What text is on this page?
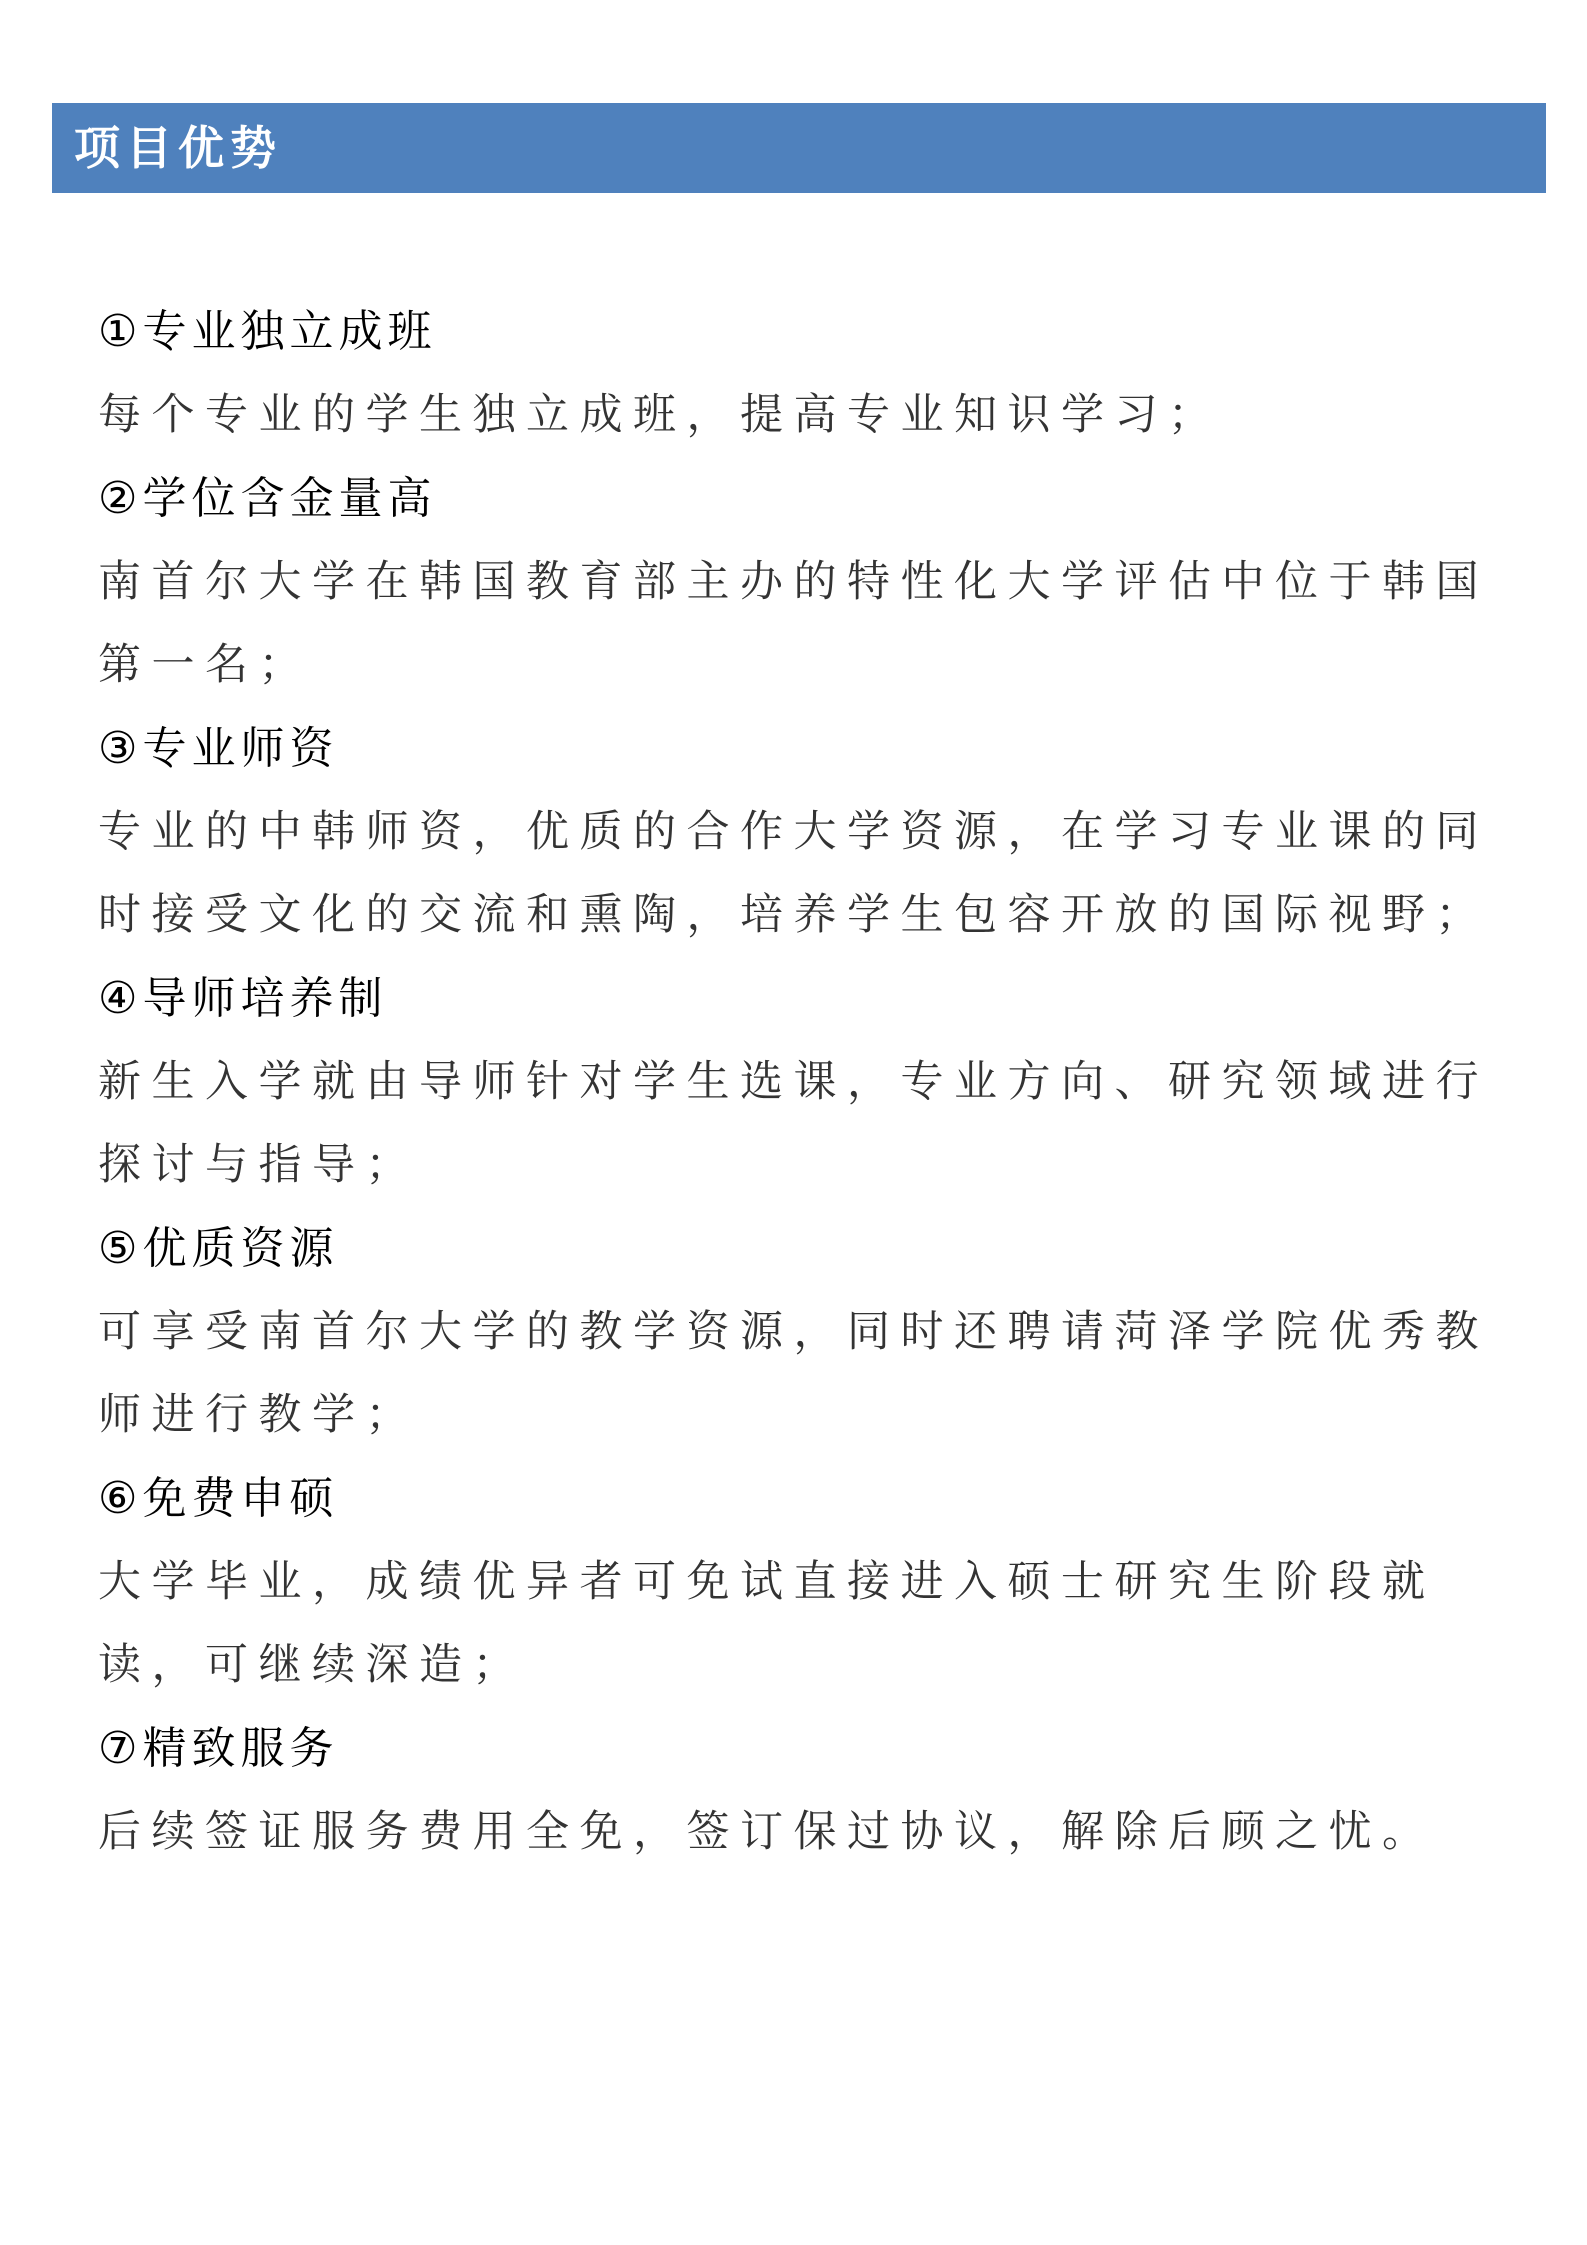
项目优势
①专业独立成班
每个专业的学生独立成班，提高专业知识学习；
②学位含金量高
南首尔大学在韩国教育部主办的特性化大学评估中位于韩国第一名；
③专业师资
专业的中韩师资，优质的合作大学资源，在学习专业课的同时接受文化的交流和熏陶，培养学生包容开放的国际视野；
④导师培养制
新生入学就由导师针对学生选课，专业方向、研究领域进行探讨与指导；
⑤优质资源
可享受南首尔大学的教学资源，同时还聘请菏泽学院优秀教师进行教学；
⑥免费申硕
大学毕业，成绩优异者可免试直接进入硕士研究生阶段就读，可继续深造；
⑦精致服务
后续签证服务费用全免，签订保过协议，解除后顾之忧。
